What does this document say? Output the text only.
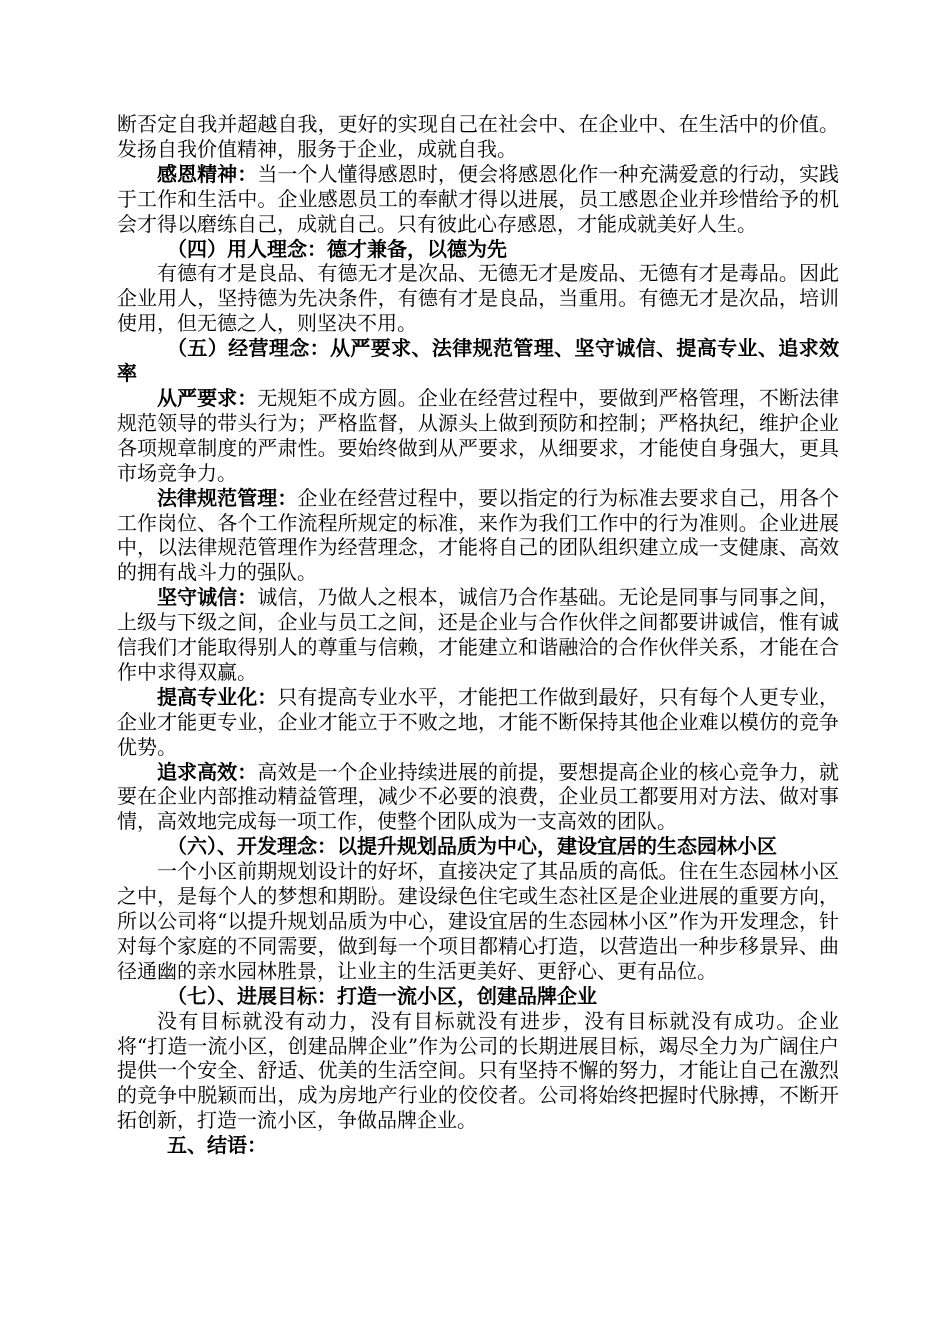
断否定自我并超越自我，更好的实现自己在社会中、在企业中、在生活中的价值。发扬自我价值精神，服务于企业，成就自我。

感恩精神：当一个人懂得感恩时，便会将感恩化作一种充满爱意的行动，实践于工作和生活中。企业感恩员工的奉献才得以进展，员工感恩企业并珍惜给予的机会才得以磨练自己，成就自己。只有彼此心存感恩，才能成就美好人生。

（四）用人理念：德才兼备，以德为先

有德有才是良品、有德无才是次品、无德无才是废品、无德有才是毒品。因此企业用人，坚持德为先决条件，有德有才是良品，当重用。有德无才是次品，培训使用，但无德之人，则坚决不用。

（五）经营理念：从严要求、法律规范管理、坚守诚信、提高专业、追求效率

从严要求：无规矩不成方圆。企业在经营过程中，要做到严格管理，不断法律规范领导的带头行为；严格监督，从源头上做到预防和控制；严格执纪，维护企业各项规章制度的严肃性。要始终做到从严要求，从细要求，才能使自身强大，更具市场竞争力。

法律规范管理：企业在经营过程中，要以指定的行为标准去要求自己，用各个工作岗位、各个工作流程所规定的标准，来作为我们工作中的行为准则。企业进展中，以法律规范管理作为经营理念，才能将自己的团队组织建立成一支健康、高效的拥有战斗力的强队。

坚守诚信：诚信，乃做人之根本，诚信乃合作基础。无论是同事与同事之间，上级与下级之间，企业与员工之间，还是企业与合作伙伴之间都要讲诚信，惟有诚信我们才能取得别人的尊重与信赖，才能建立和谐融洽的合作伙伴关系，才能在合作中求得双赢。

提高专业化：只有提高专业水平，才能把工作做到最好，只有每个人更专业，企业才能更专业，企业才能立于不败之地，才能不断保持其他企业难以模仿的竞争优势。

追求高效：高效是一个企业持续进展的前提，要想提高企业的核心竞争力，就要在企业内部推动精益管理，减少不必要的浪费，企业员工都要用对方法、做对事情，高效地完成每一项工作，使整个团队成为一支高效的团队。

（六）、开发理念：以提升规划品质为中心，建设宜居的生态园林小区

一个小区前期规划设计的好坏，直接决定了其品质的高低。住在生态园林小区之中，是每个人的梦想和期盼。建设绿色住宅或生态社区是企业进展的重要方向，所以公司将“以提升规划品质为中心，建设宜居的生态园林小区”作为开发理念，针对每个家庭的不同需要，做到每一个项目都精心打造，以营造出一种步移景异、曲径通幽的亲水园林胜景，让业主的生活更美好、更舒心、更有品位。

（七）、进展目标：打造一流小区，创建品牌企业

没有目标就没有动力，没有目标就没有进步，没有目标就没有成功。企业将“打造一流小区，创建品牌企业”作为公司的长期进展目标，竭尽全力为广阔住户提供一个安全、舒适、优美的生活空间。只有坚持不懈的努力，才能让自己在激烈的竞争中脱颖而出，成为房地产行业的佼佼者。公司将始终把握时代脉搏，不断开拓创新，打造一流小区，争做品牌企业。

五、结语：
